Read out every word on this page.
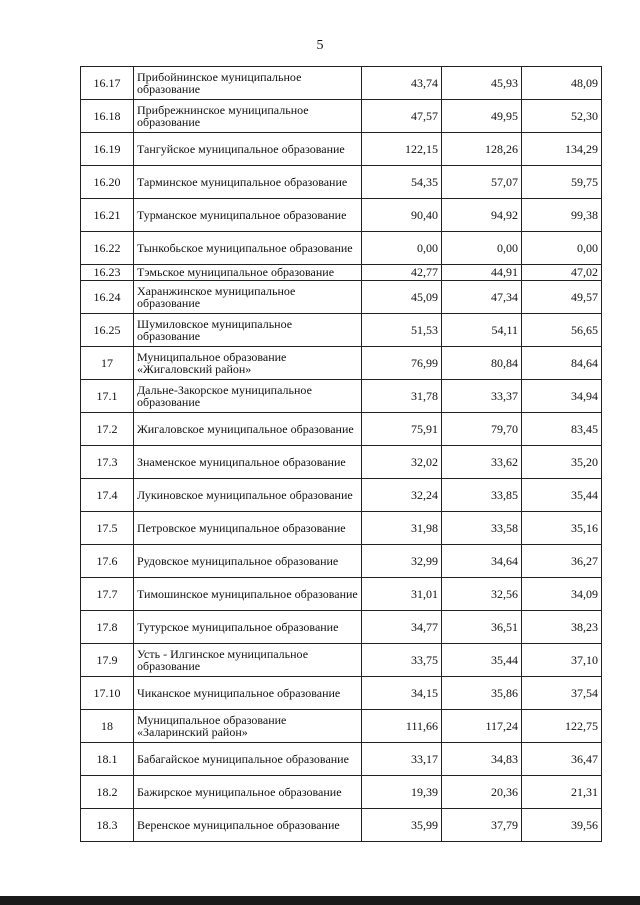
5
16.17	Прибойнинское муниципальное образование	43,74	45,93	48,09
16.18	Прибрежнинское муниципальное образование	47,57	49,95	52,30
16.19	Тангуйское муниципальное образование	122,15	128,26	134,29
16.20	Тарминское муниципальное образование	54,35	57,07	59,75
16.21	Турманское муниципальное образование	90,40	94,92	99,38
16.22	Тынкобьское муниципальное образование	0,00	0,00	0,00
16.23	Тэмьское муниципальное образование	42,77	44,91	47,02
16.24	Харанжинское муниципальное образование	45,09	47,34	49,57
16.25	Шумиловское муниципальное образование	51,53	54,11	56,65
17	Муниципальное образование «Жигаловский район»	76,99	80,84	84,64
17.1	Дальне-Закорское муниципальное образование	31,78	33,37	34,94
17.2	Жигаловское муниципальное образование	75,91	79,70	83,45
17.3	Знаменское муниципальное образование	32,02	33,62	35,20
17.4	Лукиновское муниципальное образование	32,24	33,85	35,44
17.5	Петровское муниципальное образование	31,98	33,58	35,16
17.6	Рудовское муниципальное образование	32,99	34,64	36,27
17.7	Тимошинское муниципальное образование	31,01	32,56	34,09
17.8	Тутурское муниципальное образование	34,77	36,51	38,23
17.9	Усть - Илгинское муниципальное образование	33,75	35,44	37,10
17.10	Чиканское муниципальное образование	34,15	35,86	37,54
18	Муниципальное образование «Заларинский район»	111,66	117,24	122,75
18.1	Бабагайское муниципальное образование	33,17	34,83	36,47
18.2	Бажирское муниципальное образование	19,39	20,36	21,31
18.3	Веренское муниципальное образование	35,99	37,79	39,56
